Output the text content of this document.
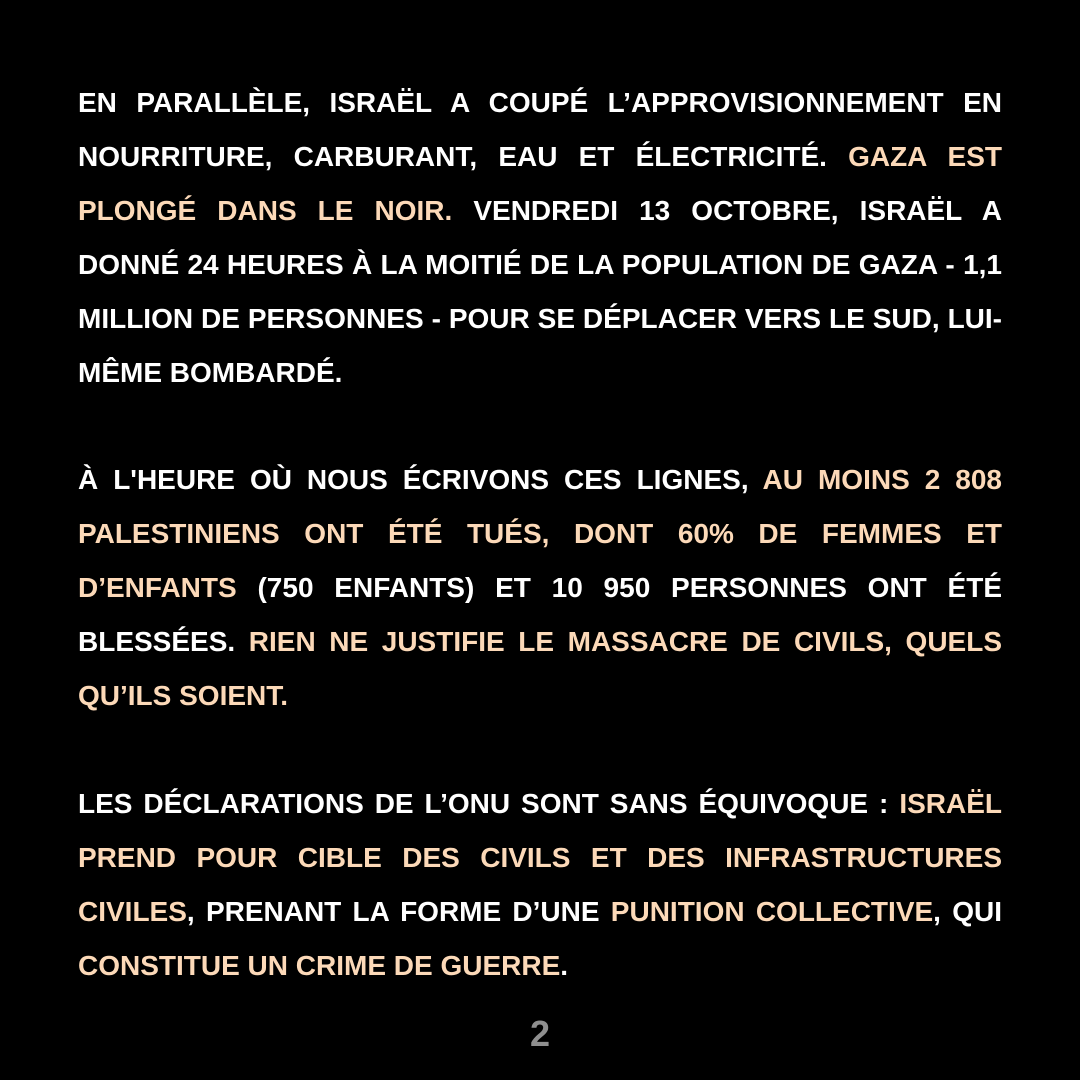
EN PARALLÈLE, ISRAËL A COUPÉ L’APPROVISIONNEMENT EN NOURRITURE, CARBURANT, EAU ET ÉLECTRICITÉ. GAZA EST PLONGÉ DANS LE NOIR. VENDREDI 13 OCTOBRE, ISRAËL A DONNÉ 24 HEURES À LA MOITIÉ DE LA POPULATION DE GAZA - 1,1 MILLION DE PERSONNES - POUR SE DÉPLACER VERS LE SUD, LUI-MÊME BOMBARDÉ.

À L'HEURE OÙ NOUS ÉCRIVONS CES LIGNES, AU MOINS 2 808 PALESTINIENS ONT ÉTÉ TUÉS, DONT 60% DE FEMMES ET D’ENFANTS (750 ENFANTS) ET 10 950 PERSONNES ONT ÉTÉ BLESSÉES. RIEN NE JUSTIFIE LE MASSACRE DE CIVILS, QUELS QU’ILS SOIENT.

LES DÉCLARATIONS DE L’ONU SONT SANS ÉQUIVOQUE : ISRAËL PREND POUR CIBLE DES CIVILS ET DES INFRASTRUCTURES CIVILES, PRENANT LA FORME D’UNE PUNITION COLLECTIVE, QUI CONSTITUE UN CRIME DE GUERRE.

2
